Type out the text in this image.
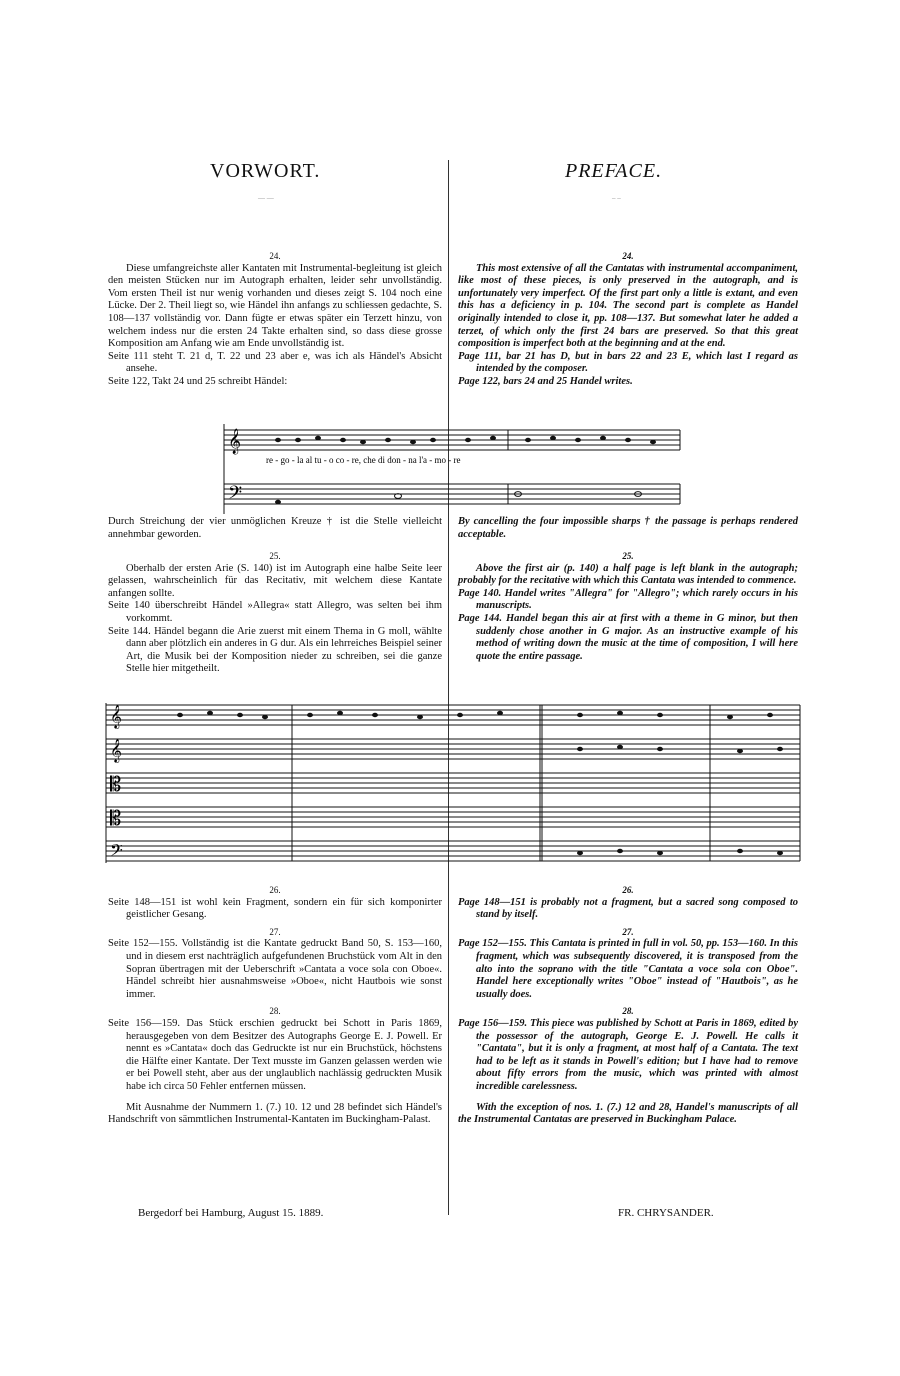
VORWORT.	PREFACE.
— —	– –

24.

Diese umfangreichste aller Kantaten mit Instrumental-begleitung ist gleich den meisten Stücken nur im Autograph erhalten, leider sehr unvollständig. Vom ersten Theil ist nur wenig vorhanden und dieses zeigt S. 104 noch eine Lücke. Der 2. Theil liegt so, wie Händel ihn anfangs zu schliessen gedachte, S. 108—137 vollständig vor. Dann fügte er etwas später ein Terzett hinzu, von welchem indess nur die ersten 24 Takte erhalten sind, so dass diese grosse Komposition am Anfang wie am Ende unvollständig ist.

Seite 111 steht T. 21 d, T. 22 und 23 aber e, was ich als Händel's Absicht ansehe.

Seite 122, Takt 24 und 25 schreibt Händel:

24.

This most extensive of all the Cantatas with instrumental accompaniment, like most of these pieces, is only preserved in the autograph, and is unfortunately very imperfect. Of the first part only a little is extant, and even this has a deficiency in p. 104. The second part is complete as Handel originally intended to close it, pp. 108—137. But somewhat later he added a terzet, of which only the first 24 bars are preserved. So that this great composition is imperfect both at the beginning and at the end.

Page 111, bar 21 has D, but in bars 22 and 23 E, which last I regard as intended by the composer.

Page 122, bars 24 and 25 Handel writes.

𝄞
𝄢
re - go - la al tu - o co - re, che di don - na l'a - mo - re

Durch Streichung der vier unmöglichen Kreuze † ist die Stelle vielleicht annehmbar geworden.

By cancelling the four impossible sharps † the passage is perhaps rendered acceptable.

25.

Oberhalb der ersten Arie (S. 140) ist im Autograph eine halbe Seite leer gelassen, wahrscheinlich für das Recitativ, mit welchem diese Kantate anfangen sollte.

Seite 140 überschreibt Händel »Allegra« statt Allegro, was selten bei ihm vorkommt.

Seite 144. Händel begann die Arie zuerst mit einem Thema in G moll, wählte dann aber plötzlich ein anderes in G dur. Als ein lehrreiches Beispiel seiner Art, die Musik bei der Komposition nieder zu schreiben, sei die ganze Stelle hier mitgetheilt.

25.

Above the first air (p. 140) a half page is left blank in the autograph; probably for the recitative with which this Cantata was intended to commence.

Page 140. Handel writes "Allegra" for "Allegro"; which rarely occurs in his manuscripts.

Page 144. Handel began this air at first with a theme in G minor, but then suddenly chose another in G major. As an instructive example of his method of writing down the music at the time of composition, I will here quote the entire passage.

𝄞
𝄞
𝄡
𝄡
𝄢

26.

Seite 148—151 ist wohl kein Fragment, sondern ein für sich komponirter geistlicher Gesang.

27.

Seite 152—155. Vollständig ist die Kantate gedruckt Band 50, S. 153—160, und in diesem erst nachträglich aufgefundenen Bruchstück vom Alt in den Sopran übertragen mit der Ueberschrift »Cantata a voce sola con Oboe«. Händel schreibt hier ausnahmsweise »Oboe«, nicht Hautbois wie sonst immer.

28.

Seite 156—159. Das Stück erschien gedruckt bei Schott in Paris 1869, herausgegeben von dem Besitzer des Autographs George E. J. Powell. Er nennt es »Cantata« doch das Gedruckte ist nur ein Bruchstück, höchstens die Hälfte einer Kantate. Der Text musste im Ganzen gelassen werden wie er bei Powell steht, aber aus der unglaublich nachlässig gedruckten Musik habe ich circa 50 Fehler entfernen müssen.

Mit Ausnahme der Nummern 1. (7.) 10. 12 und 28 befindet sich Händel's Handschrift von sämmtlichen Instrumental-Kantaten im Buckingham-Palast.

26.

Page 148—151 is probably not a fragment, but a sacred song composed to stand by itself.

27.

Page 152—155. This Cantata is printed in full in vol. 50, pp. 153—160. In this fragment, which was subsequently discovered, it is transposed from the alto into the soprano with the title "Cantata a voce sola con Oboe". Handel here exceptionally writes "Oboe" instead of "Hautbois", as he usually does.

28.

Page 156—159. This piece was published by Schott at Paris in 1869, edited by the possessor of the autograph, George E. J. Powell. He calls it "Cantata", but it is only a fragment, at most half of a Cantata. The text had to be left as it stands in Powell's edition; but I have had to remove about fifty errors from the music, which was printed with almost incredible carelessness.

With the exception of nos. 1. (7.) 12 and 28, Handel's manuscripts of all the Instrumental Cantatas are preserved in Buckingham Palace.

Bergedorf bei Hamburg, August 15. 1889.	FR. CHRYSANDER.
